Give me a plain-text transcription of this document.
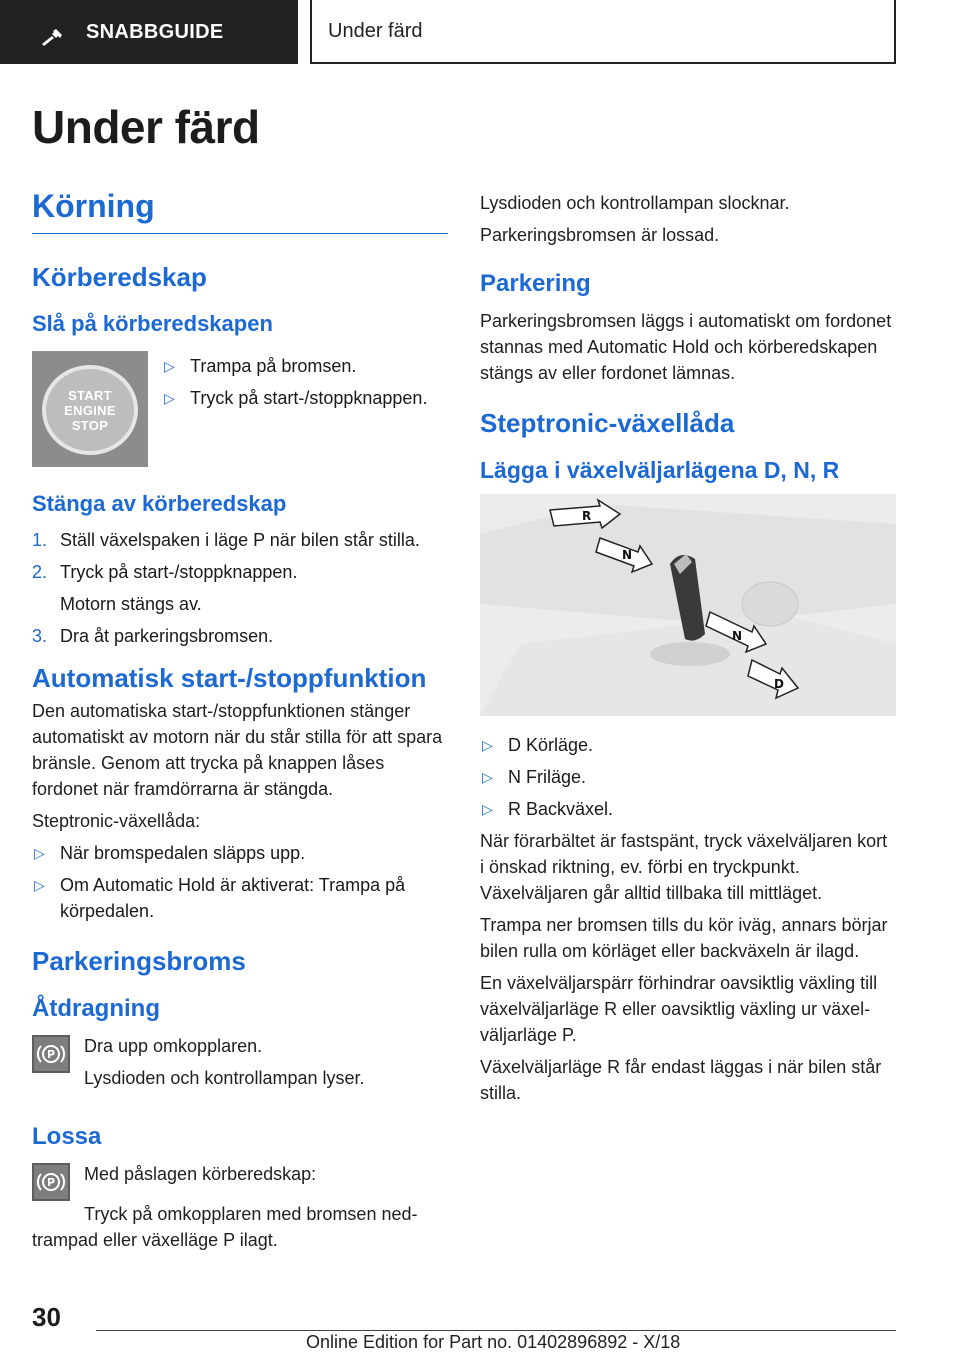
SNABBGUIDE	Under färd
Under färd
Körning
Körberedskap
Slå på körberedskapen
START
ENGINE
STOP
▷ Trampa på bromsen.
▷ Tryck på start-/stoppknappen.
Stänga av körberedskap
1. Ställ växelspaken i läge P när bilen står stilla.
2. Tryck på start-/stoppknappen.
Motorn stängs av.
3. Dra åt parkeringsbromsen.
Automatisk start-/stoppfunktion

Den automatiska start-/stoppfunktionen stänger automatiskt av motorn när du står stilla för att spara bränsle. Genom att trycka på knappen låses fordonet när framdörrarna är stängda.

Steptronic-växellåda:

▷ När bromspedalen släpps upp.
▷ Om Automatic Hold är aktiverat: Trampa på körpedalen.
Parkeringsbroms
Åtdragning
P Dra upp omkopplaren.

Lysdioden och kontrollampan lyser.

Lossa
P Med påslagen körberedskap:

Tryck på omkopplaren med bromsen nedtrampad eller växelläge P ilagt.

Lysdioden och kontrollampan slocknar.

Parkeringsbromsen är lossad.

Parkering

Parkeringsbromsen läggs i automatiskt om fordonet stannas med Automatic Hold och körberedskapen stängs av eller fordonet lämnas.

Steptronic-växellåda
Lägga i växelväljarlägena D, N, R
R
N
N
D
▷ D Körläge.
▷ N Friläge.
▷ R Backväxel.

När förarbältet är fastspänt, tryck växelväljaren kort i önskad riktning, ev. förbi en tryckpunkt. Växelväljaren går alltid tillbaka till mittläget.

Trampa ner bromsen tills du kör iväg, annars börjar bilen rulla om körläget eller backväxeln är ilagd.

En växelväljarspärr förhindrar oavsiktlig växling till växelväljarläge R eller oavsiktlig växling ur växelväljarläge P.

Växelväljarläge R får endast läggas i när bilen står stilla.

30
Online Edition for Part no. 01402896892 - X/18
